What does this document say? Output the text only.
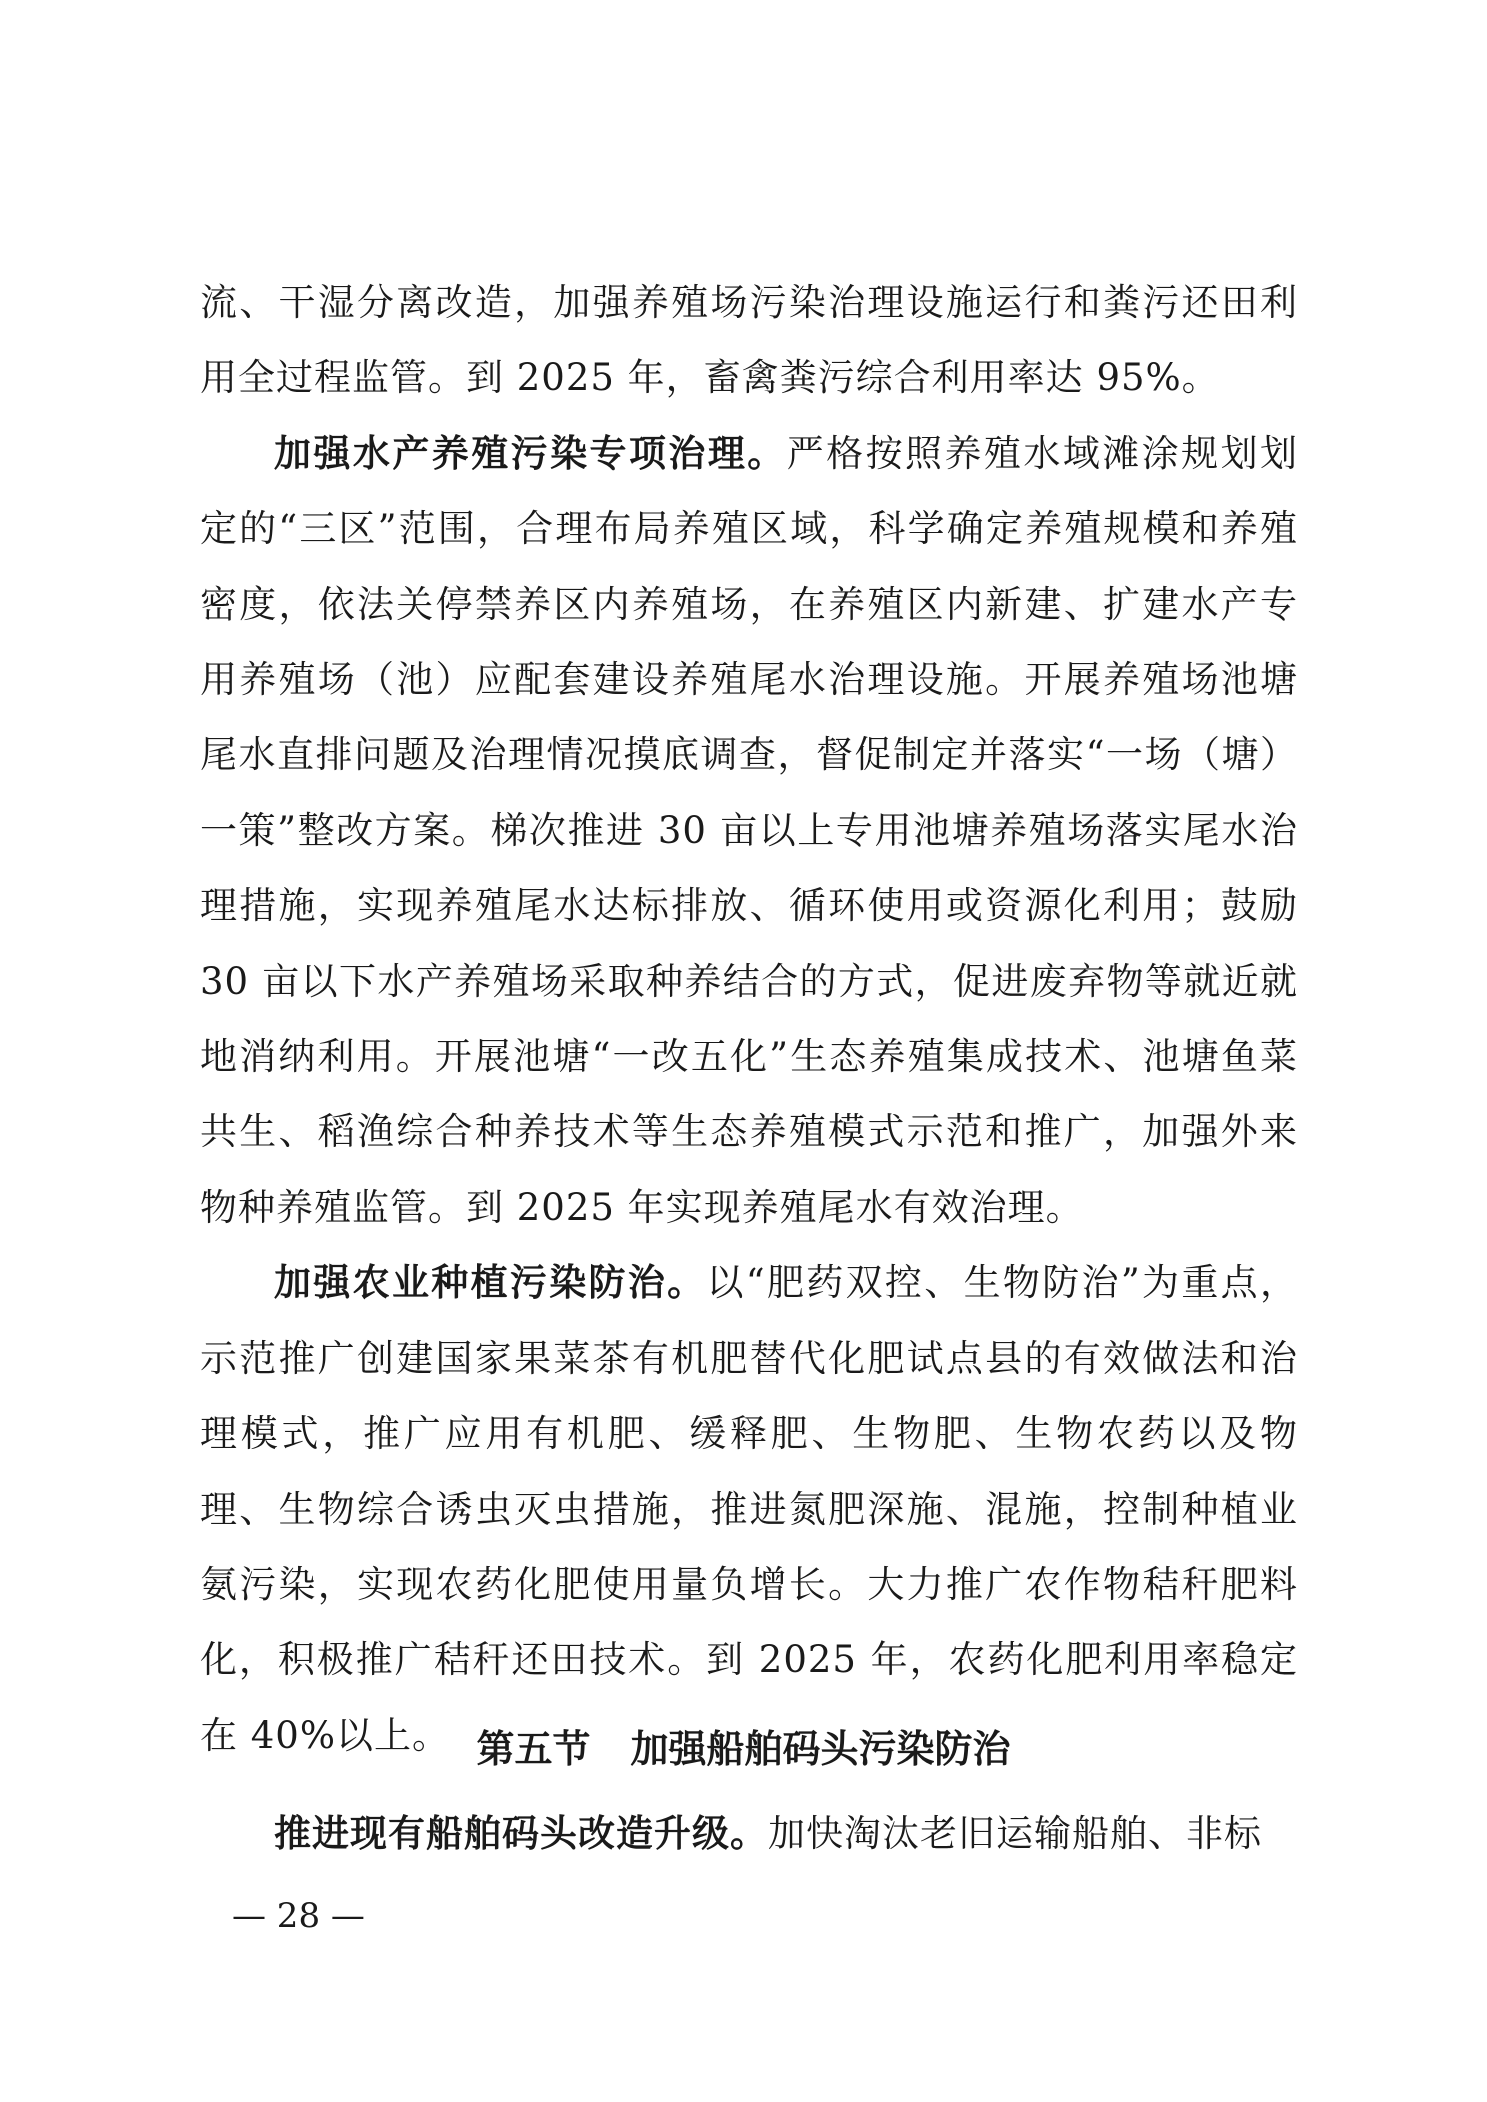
流、干湿分离改造，加强养殖场污染治理设施运行和粪污还田利用全过程监管。到 2025 年，畜禽粪污综合利用率达 95%。

加强水产养殖污染专项治理。严格按照养殖水域滩涂规划划定的“三区”范围，合理布局养殖区域，科学确定养殖规模和养殖密度，依法关停禁养区内养殖场，在养殖区内新建、扩建水产专用养殖场（池）应配套建设养殖尾水治理设施。开展养殖场池塘尾水直排问题及治理情况摸底调查，督促制定并落实“一场（塘）一策”整改方案。梯次推进 30 亩以上专用池塘养殖场落实尾水治理措施，实现养殖尾水达标排放、循环使用或资源化利用；鼓励 30 亩以下水产养殖场采取种养结合的方式，促进废弃物等就近就地消纳利用。开展池塘“一改五化”生态养殖集成技术、池塘鱼菜共生、稻渔综合种养技术等生态养殖模式示范和推广，加强外来物种养殖监管。到 2025 年实现养殖尾水有效治理。

加强农业种植污染防治。以“肥药双控、生物防治”为重点，示范推广创建国家果菜茶有机肥替代化肥试点县的有效做法和治理模式，推广应用有机肥、缓释肥、生物肥、生物农药以及物理、生物综合诱虫灭虫措施，推进氮肥深施、混施，控制种植业氨污染，实现农药化肥使用量负增长。大力推广农作物秸秆肥料化，积极推广秸秆还田技术。到 2025 年，农药化肥利用率稳定在 40%以上。 第五节 加强船舶码头污染防治

推进现有船舶码头改造升级。加快淘汰老旧运输船舶、非标

— 28 —
